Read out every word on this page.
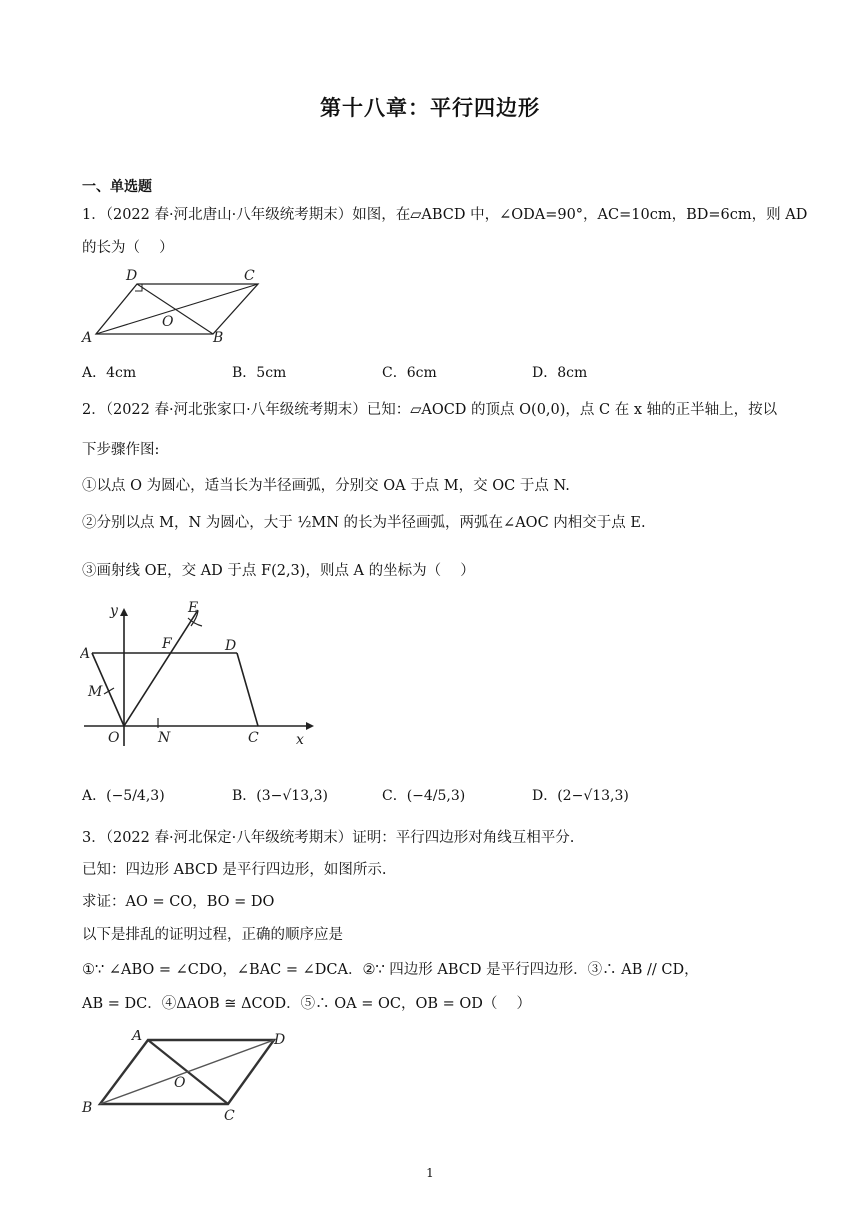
第十八章：平行四边形
一、单选题
1．（2022 春·河北唐山·八年级统考期末）如图，在▱ABCD 中，∠ODA=90°，AC=10cm，BD=6cm，则 AD
的长为（　 ）
A	B
C
D
O
A．4cm	B．5cm	C．6cm	D．8cm
2．（2022 春·河北张家口·八年级统考期末）已知：▱AOCD 的顶点 O(0,0)，点 C 在 x 轴的正半轴上，按以
下步骤作图:
①以点 O 为圆心，适当长为半径画弧，分别交 OA 于点 M，交 OC 于点 N.
②分别以点 M，N 为圆心，大于 ½MN 的长为半径画弧，两弧在∠AOC 内相交于点 E.
③画射线 OE，交 AD 于点 F(2,3)，则点 A 的坐标为（　 ）
y
x
A	D
E
F
M
O	N	C
A．(−5/4,3)	B．(3−√13,3)	C．(−4/5,3)	D．(2−√13,3)
3．（2022 春·河北保定·八年级统考期末）证明：平行四边形对角线互相平分.
已知：四边形 ABCD 是平行四边形，如图所示.
求证：AO = CO，BO = DO
以下是排乱的证明过程，正确的顺序应是
①∵ ∠ABO = ∠CDO，∠BAC = ∠DCA．②∵ 四边形 ABCD 是平行四边形．③∴ AB // CD，
AB = DC．④ΔAOB ≅ ΔCOD．⑤∴ OA = OC，OB = OD（　 ）
A
B	C
D
O
1
